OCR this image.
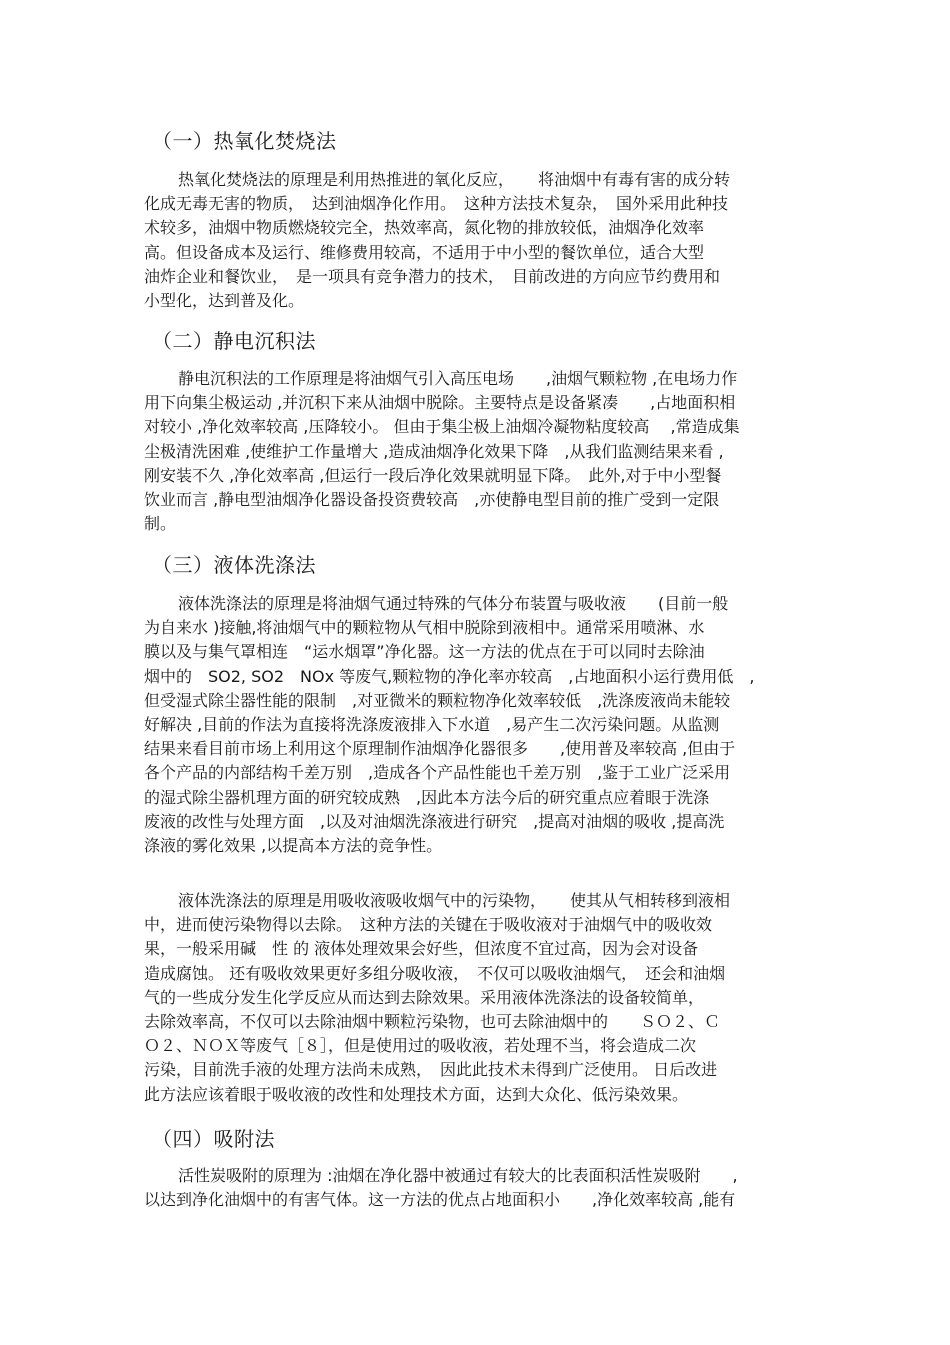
（一）热氧化焚烧法
热氧化焚烧法的原理是利用热推进的氧化反应，　　将油烟中有毒有害的成分转
化成无毒无害的物质，　达到油烟净化作用。　这种方法技术复杂，　国外采用此种技
术较多，油烟中物质燃烧较完全，热效率高，氮化物的排放较低，油烟净化效率
高。但设备成本及运行、维修费用较高，不适用于中小型的餐饮单位，适合大型
油炸企业和餐饮业，　是一项具有竞争潜力的技术，　目前改进的方向应节约费用和
小型化，达到普及化。
（二）静电沉积法
静电沉积法的工作原理是将油烟气引入高压电场　　,油烟气颗粒物 ,在电场力作
用下向集尘极运动 ,并沉积下来从油烟中脱除。主要特点是设备紧凑　　,占地面积相
对较小 ,净化效率较高 ,压降较小。 但由于集尘极上油烟冷凝物粘度较高　 ,常造成集
尘极清洗困难 ,使维护工作量增大 ,造成油烟净化效果下降　,从我们监测结果来看 ,
刚安装不久 ,净化效率高 ,但运行一段后净化效果就明显下降。　此外,对于中小型餐
饮业而言 ,静电型油烟净化器设备投资费较高　,亦使静电型目前的推广受到一定限
制。
（三）液体洗涤法
液体洗涤法的原理是将油烟气通过特殊的气体分布装置与吸收液　　(目前一般
为自来水 )接触,将油烟气中的颗粒物从气相中脱除到液相中。通常采用喷淋、水
膜以及与集气罩相连　“运水烟罩”净化器。这一方法的优点在于可以同时去除油
烟中的　SO2, SO2　NOx 等废气,颗粒物的净化率亦较高　,占地面积小运行费用低　,
但受湿式除尘器性能的限制　,对亚微米的颗粒物净化效率较低　,洗涤废液尚未能较
好解决 ,目前的作法为直接将洗涤废液排入下水道　,易产生二次污染问题。从监测
结果来看目前市场上利用这个原理制作油烟净化器很多　　,使用普及率较高 ,但由于
各个产品的内部结构千差万别　,造成各个产品性能也千差万别　,鉴于工业广泛采用
的湿式除尘器机理方面的研究较成熟　,因此本方法今后的研究重点应着眼于洗涤
废液的改性与处理方面　,以及对油烟洗涤液进行研究　,提高对油烟的吸收 ,提高洗
涤液的雾化效果 ,以提高本方法的竞争性。
液体洗涤法的原理是用吸收液吸收烟气中的污染物，　　使其从气相转移到液相
中，进而使污染物得以去除。　这种方法的关键在于吸收液对于油烟气中的吸收效
果，一般采用碱　性 的 液体处理效果会好些，但浓度不宜过高，因为会对设备
造成腐蚀。 还有吸收效果更好多组分吸收液，　不仅可以吸收油烟气，　还会和油烟
气的一些成分发生化学反应从而达到去除效果。采用液体洗涤法的设备较简单，
去除效率高，不仅可以去除油烟中颗粒污染物，也可去除油烟中的　　ＳＯ２、Ｃ
Ｏ２、ＮＯＸ等废气［８］，但是使用过的吸收液，若处理不当，将会造成二次
污染，目前洗手液的处理方法尚未成熟，　因此此技术未得到广泛使用。 日后改进
此方法应该着眼于吸收液的改性和处理技术方面，达到大众化、低污染效果。
（四）吸附法
活性炭吸附的原理为 :油烟在净化器中被通过有较大的比表面积活性炭吸附　　,
以达到净化油烟中的有害气体。这一方法的优点占地面积小　　,净化效率较高 ,能有
